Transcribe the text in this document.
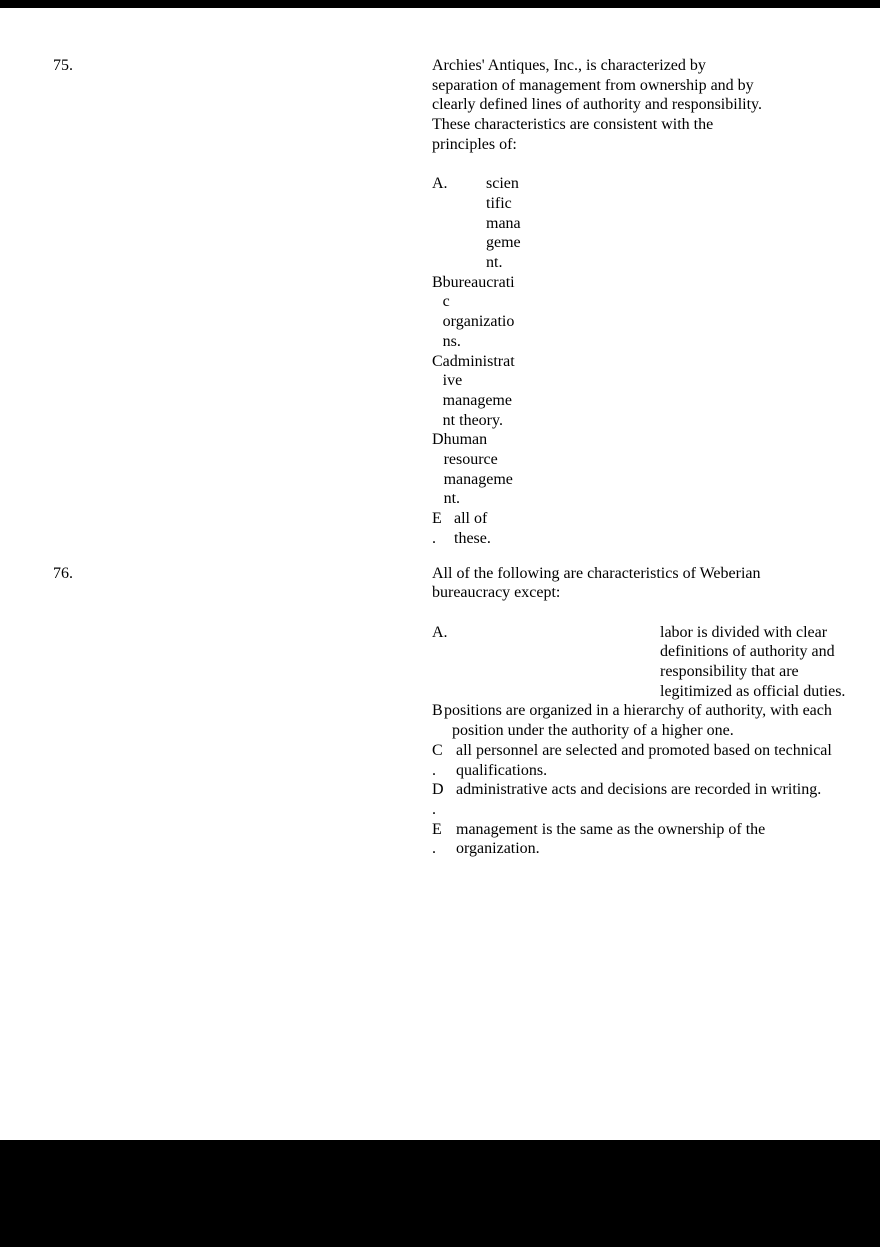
75.	Archies' Antiques, Inc., is characterized by
separation of management from ownership and by
clearly defined lines of authority and responsibility.
These characteristics are consistent with the
principles of:
A.	scien
tific
mana
geme
nt.
B bureaucrati
c
organizatio
ns.
C administrat
ive
manageme
nt theory.
D human
resource
manageme
nt.
E
.
all of
these.
76.	All of the following are characteristics of Weberian
bureaucracy except:
A.	labor is divided with clear
definitions of authority and
responsibility that are
legitimized as official duties.
B positions are organized in a hierarchy of authority, with each
position under the authority of a higher one.
C
.
all personnel are selected and promoted based on technical
qualifications.
D
.
administrative acts and decisions are recorded in writing.
E
.
management is the same as the ownership of the
organization.
